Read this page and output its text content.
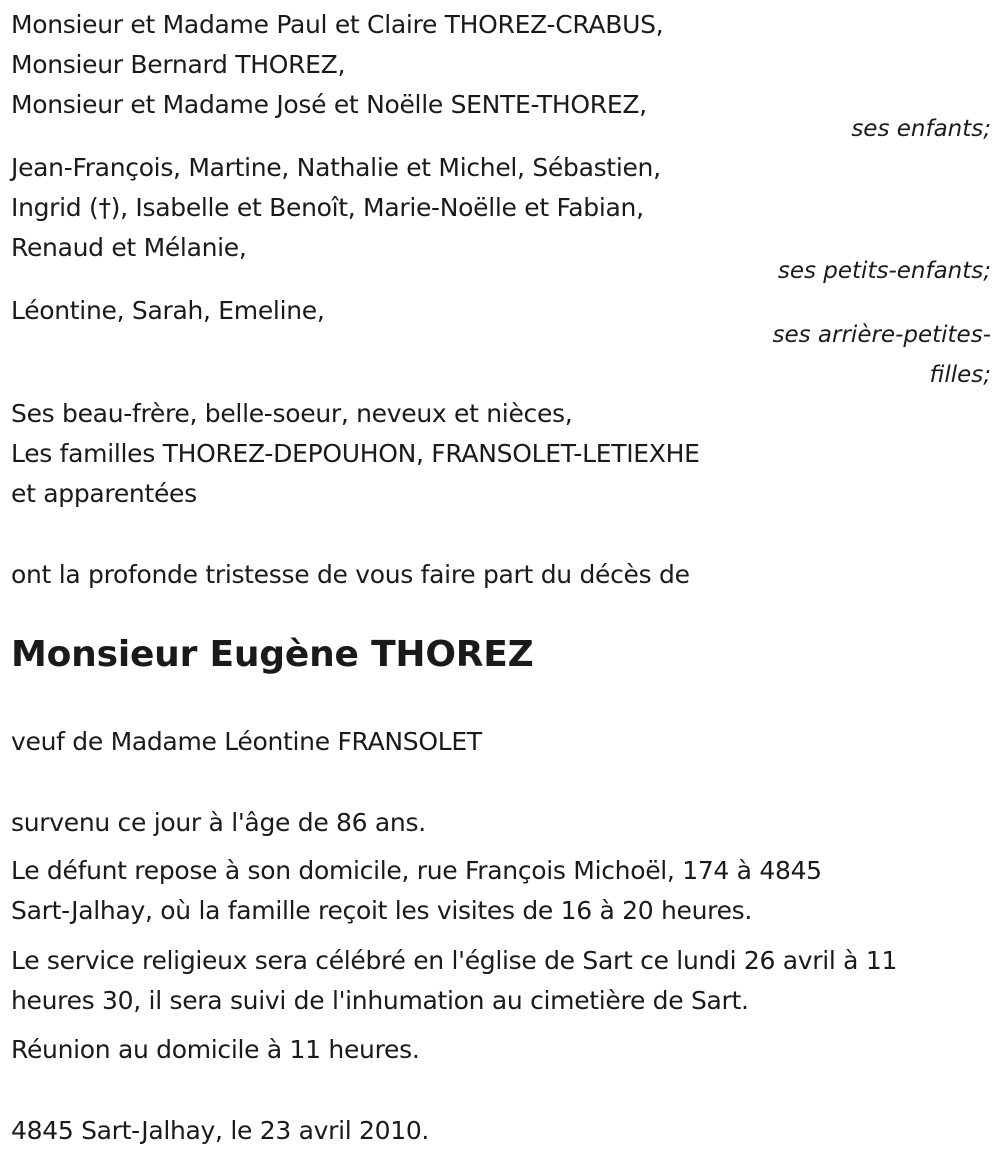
Monsieur et Madame Paul et Claire THOREZ-CRABUS,
Monsieur Bernard THOREZ,
Monsieur et Madame José et Noëlle SENTE-THOREZ,
ses enfants;
Jean-François, Martine, Nathalie et Michel, Sébastien,
Ingrid (†), Isabelle et Benoît, Marie-Noëlle et Fabian,
Renaud et Mélanie,
ses petits-enfants;
Léontine, Sarah, Emeline,
ses arrière-petites-
filles;
Ses beau-frère, belle-soeur, neveux et nièces,
Les familles THOREZ-DEPOUHON, FRANSOLET-LETIEXHE
et apparentées
ont la profonde tristesse de vous faire part du décès de
Monsieur Eugène THOREZ
veuf de Madame Léontine FRANSOLET
survenu ce jour à l'âge de 86 ans.
Le défunt repose à son domicile, rue François Michoël, 174 à 4845
Sart-Jalhay, où la famille reçoit les visites de 16 à 20 heures.
Le service religieux sera célébré en l'église de Sart ce lundi 26 avril à 11
heures 30, il sera suivi de l'inhumation au cimetière de Sart.
Réunion au domicile à 11 heures.
4845 Sart-Jalhay, le 23 avril 2010.
